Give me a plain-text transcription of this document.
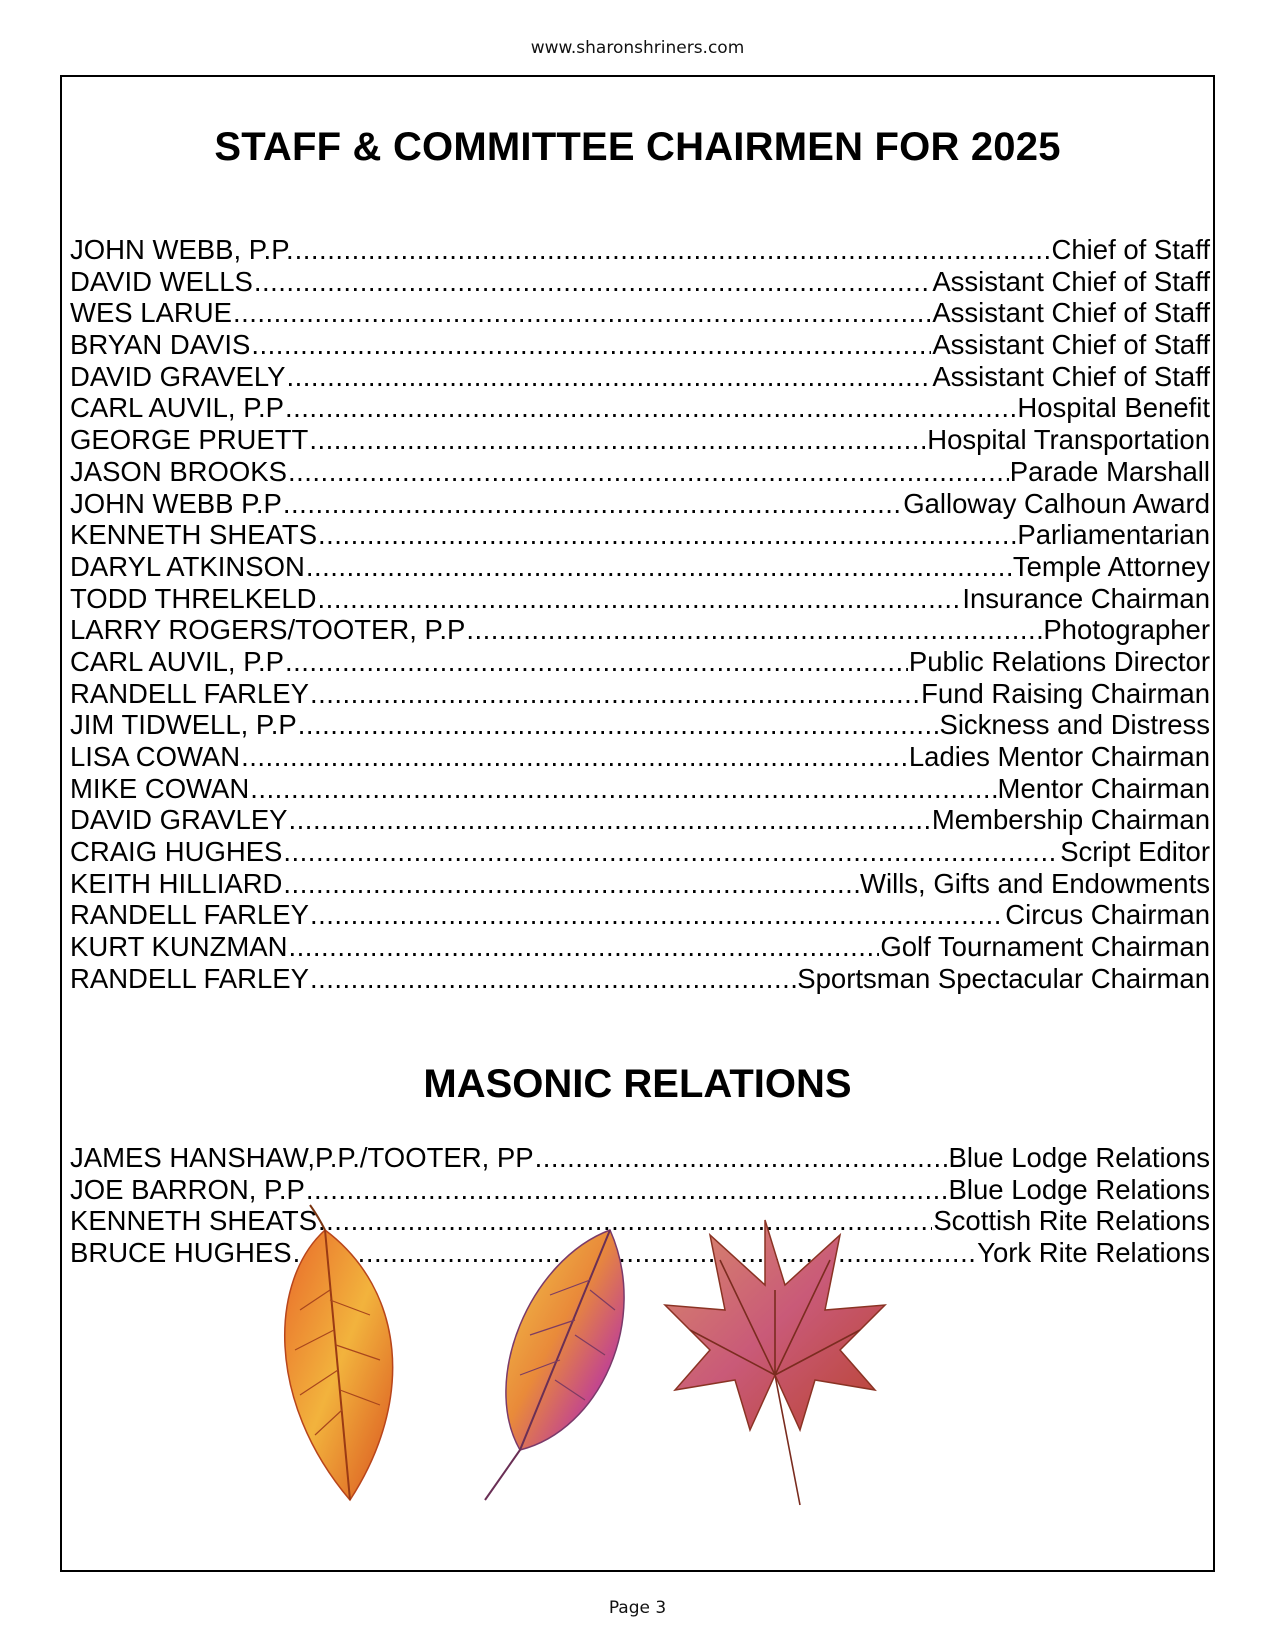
www.sharonshriners.com
STAFF & COMMITTEE CHAIRMEN FOR 2025
JOHN WEBB, P.P. .....	Chief of Staff
DAVID WELLS .....	Assistant Chief of Staff
WES LARUE .....	Assistant Chief of Staff
BRYAN DAVIS .....	Assistant Chief of Staff
DAVID GRAVELY .....	Assistant Chief of Staff
CARL AUVIL, P.P .....	Hospital Benefit
GEORGE PRUETT .....	Hospital Transportation
JASON BROOKS .....	Parade Marshall
JOHN WEBB P.P .....	Galloway Calhoun Award
KENNETH SHEATS .....	Parliamentarian
DARYL ATKINSON .....	Temple Attorney
TODD THRELKELD .....	Insurance Chairman
LARRY ROGERS/TOOTER, P.P .....	Photographer
CARL AUVIL, P.P .....	Public Relations Director
RANDELL FARLEY .....	Fund Raising Chairman
JIM TIDWELL, P.P .....	Sickness and Distress
LISA COWAN .....	Ladies Mentor Chairman
MIKE COWAN .....	Mentor Chairman
DAVID GRAVLEY .....	Membership Chairman
CRAIG HUGHES .....	Script Editor
KEITH HILLIARD .....	Wills, Gifts and Endowments
RANDELL FARLEY .....	Circus Chairman
KURT KUNZMAN .....	Golf Tournament Chairman
RANDELL FARLEY .....	Sportsman Spectacular Chairman
MASONIC RELATIONS
JAMES HANSHAW,P.P./TOOTER, PP .....	Blue Lodge Relations
JOE BARRON, P.P .....	Blue Lodge Relations
KENNETH SHEATS .....	Scottish Rite Relations
BRUCE HUGHES .....	York Rite Relations
Page 3
